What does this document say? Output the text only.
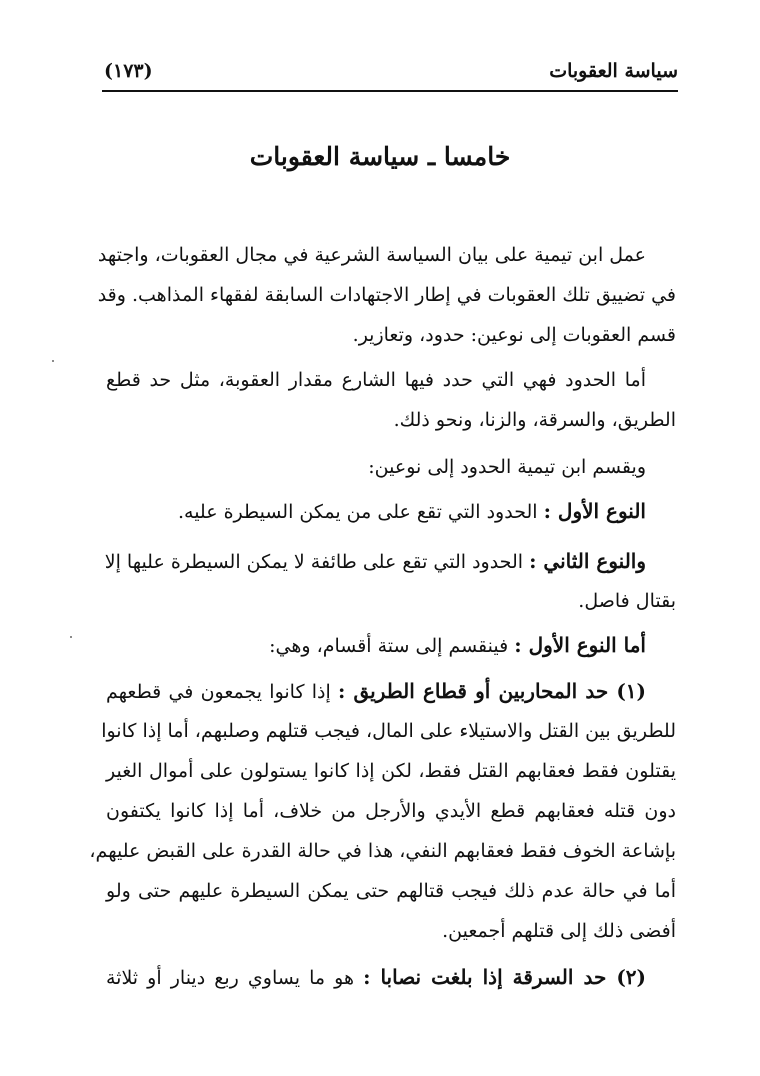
سياسة العقوبات
(١٧٣)
خامسا ـ سياسة العقوبات
عمل ابن تيمية على بيان السياسة الشرعية في مجال العقوبات، واجتهد
في تضييق تلك العقوبات في إطار الاجتهادات السابقة لفقهاء المذاهب. وقد
قسم العقوبات إلى نوعين: حدود، وتعازير.
أما الحدود فهي التي حدد فيها الشارع مقدار العقوبة، مثل حد قطع
الطريق، والسرقة، والزنا، ونحو ذلك.
ويقسم ابن تيمية الحدود إلى نوعين:
النوع الأول : الحدود التي تقع على من يمكن السيطرة عليه.
والنوع الثاني : الحدود التي تقع على طائفة لا يمكن السيطرة عليها إلا
بقتال فاصل.
أما النوع الأول : فينقسم إلى ستة أقسام، وهي:
(١) حد المحاربين أو قطاع الطريق : إذا كانوا يجمعون في قطعهم
للطريق بين القتل والاستيلاء على المال، فيجب قتلهم وصلبهم، أما إذا كانوا
يقتلون فقط فعقابهم القتل فقط، لكن إذا كانوا يستولون على أموال الغير
دون قتله فعقابهم قطع الأيدي والأرجل من خلاف، أما إذا كانوا يكتفون
بإشاعة الخوف فقط فعقابهم النفي، هذا في حالة القدرة على القبض عليهم،
أما في حالة عدم ذلك فيجب قتالهم حتى يمكن السيطرة عليهم حتى ولو
أفضى ذلك إلى قتلهم أجمعين.
(٢) حد السرقة إذا بلغت نصابا : هو ما يساوي ربع دينار أو ثلاثة
